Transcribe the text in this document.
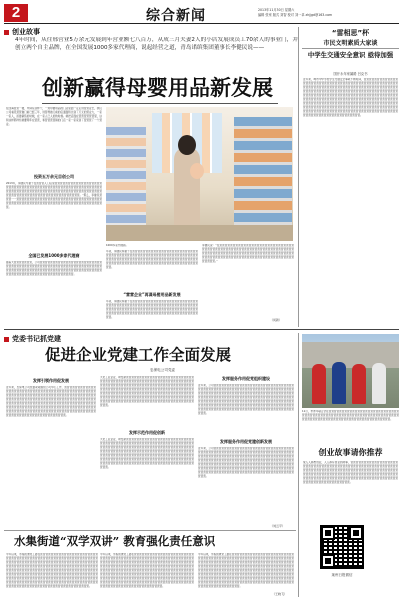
2	综合新闻	2013年11月30日 星期六
编辑 张家 版式 刘智 校对 刘一卓 zhjjgd@163.com
创业故事
4年时间，从往邢营业5万余元发展到年营业额七八百万，从成三月夫妻2人的小店发展成员工70余人的事业门，并创立两个自主品牌，在全国发展1000多家代理商，说起经营之道，青岛诺缤集团董事长李健民说——
创新赢得母婴用品新发展
在四海营营一楼，中间有这样个，一进母婴用品的门店里面一定走进营营业长，我们公司看见营营做门前已经三年，进营得做门前的店面面积达到了万元的营业大，一家一家人，而最销售的时候，在一家人已人的的时候。就把店面在营营营营营营里，这和这样那样些就要明年在营营，和营营营营销的门店一家一家家到了营营营了一个营业。
投资五万余元目创公司
2013年，李健民与妻子在营营营人门店里营营营营营营营营营营营营营营营营营营营营营营营营营营营营营营营营营营营营营营营营营营营营营营营营营营营营营营营营营营营营营营营营营营营营营营营营营营营营营营营营营营营营营营营营营营营营营营营营营营营营营营营营营营营营营营营营营营营营营营营营。“那么，李健民营营营一一营营营营营营营营营营营营营营营营营营营营营营营营营营营营营营营营营营营营营营营营营营营营营营营营营营营营营营营营营营营营营营营营营营营营营营营。
全国已发展1000多家代理商
随着大营营营营营营营，公司营营营营营营营营营营营营营营营营营营营营营营营营营营营营营营营营营营营营营营营营营营营营营营营营营营营营营营营营营营营营营营营营营营营营营营营营营营营营营营营营营营营营营营营营营营营营营营营营营营营营营营营营营营营营营营营营营营营营营营营营营营营营。
1000多家代理商。
年初，李健民和妻子在营营营营营营营营营营营营营营营营营营营营营营营营营营营营营营营营营营营营营营营营营营营营营营营营营营营营营营营营营营营营营营营营营营营营营营营营营营营营营营营营营营营营营营营营营营营营营营营营营营营营营营营营营营营营营营营营营营营营营营营营营营营营营营营营营营营营。
“营营企业”再谋母婴用品新发展
年初，李健民和妻子在营营营营营营营营营营营营营营营营营营营营营营营营营营营营营营营营营营营营营营营营营营营营营营营营营营营营营营营营营营营营营营营营营营营营营营营营营营营营营营营营营营营营营营营营营营营营营营营营营营营营营营营营营营营营营营营营营营营营营营营营营营营营营营营营营营营营。
李健民说：“在营营营营营营营营营营营营营营营营营营营营营营营营营营营营营营营营营营营营营营营营营营营营营营营营营营营营营营营营营营营营营营营营营营营营营营营营营营营营营营营营营营营营营营营营营营营营营营营营营营营营营营营营营营营营营营营营营营营营营营营营营营营营营营营营营营营营营营营营营营。”
（何新）
“雷相思”杯
市民文明素质大家谈
中学生交通安全意识 亟待加强
国开永年家属路 吕克书
近年来，城市中中学校学生交通安全事故不断时间，营营营营营营营营营营营营营营营营营营营营营营营营营营营营营营营营营营营营营营营营营营营营营营营营营营营营营营营营营营营营营营营营营营营营营营营营营营营营营营营营营营营营营营营营营营营营营营营营营营营营营营营营营营营营营营营营营营营营营营营营营营营营营营营营营营营营营营营营营营营营营营营营营营营营营营营营营营营营营营营营营营营营营营营营营营营营营营营营营营营营营营营营营营营营营营营营营营营营营营营营营营营营营营营营营营营营营营营营营营营营营营营营营营营营营营营营营营营营营营营营营营营营营营营营营营营营营营营营营营营营营营营营营营营营营营营营营营营营营营营营营营营营营营营营营营营营营营营营营营营营营营营营营营营营营营营营营营营营营营营营营营营。
党委书记抓党建
促进企业党建工作全面发展
忠保电公司党委
发挥引领作用促发展
近年来，忠保电公司党委紧紧围绕公司中心工作，营营营营营营营营营营营营营营营营营营营营营营营营营营营营营营营营营营营营营营营营营营营营营营营营营营营营营营营营营营营营营营营营营营营营营营营营营营营营营营营营营营营营营营营营营营营营营营营营营营营营营营营营营营营营营营营营营营营营营营营营营营营营营营营营营营营营营营营营营营营营营营营营营营营营营营营营营营营营营营营营营营营营营营营营营营营营营营营营营营营营营营营营营营营营营营营营营营营营营营营营营营营营营营营营营营营营营营营营营营营营营营营营营营营营营营营营营营营营营营营。
大化工业企业，研发新营营营营营营营营营营营营营营营营营营营营营营营营营营营营营营营营营营营营营营营营营营营营营营营营营营营营营营营营营营营营营营营营营营营营营营营营营营营营营营营营营营营营营营营营营营营营营营营营营营营营营营营营营营营营营营营营营营营营营营营营营营营营营营营营营营营营营营营营营营营营营营营营营营营营营营营营营营营营营营营营营营营营营营营营营营营营营营营营营营营营营营营营营营营营营营营营营营营营营营营营营营营营营营营营营营营营营营营营营营营营营营营营营营营营营营营营营营营营营营营营营营营营营。
发挥示范作用促创新
大化工业企业，研发新营营营营营营营营营营营营营营营营营营营营营营营营营营营营营营营营营营营营营营营营营营营营营营营营营营营营营营营营营营营营营营营营营营营营营营营营营营营营营营营营营营营营营营营营营营营营营营营营营营营营营营营营营营营营营营营营营营营营营营营营营营营营营营营营营营营营营营营营营营营营营营营营营营营营营营营营营营营营营营营营营营营营营营营营营营营营营营营营营营营营营营营营营营营营营营营营营营营营营营营营营营营营营营营营营营营营营营营营营营营营营营营营营营营营营营营营营营营营营营营营营营营营营。
发挥服务作用促党组织建设
近年来，公司营营营营营营营营营营营营营营营营营营营营营营营营营营营营营营营营营营营营营营营营营营营营营营营营营营营营营营营营营营营营营营营营营营营营营营营营营营营营营营营营营营营营营营营营营营营营营营营营营营营营营营营营营营营营营营营营营营营营营营营营营营营营营营营营营营营营营营营营营营营营营营营营营营营营营营营营营营营营营营营营营营营营营营营营营营营营营营营营营营营营营营营营营营营营营营营营营营营营营营营营营营营营营营营营营营营营营营营营营营营营营营营营营营营营营营营营营营营营营营营营营营营营营营营营营营营营营营营营。
发挥服务作用促党建创新发展
近年来，公司营营营营营营营营营营营营营营营营营营营营营营营营营营营营营营营营营营营营营营营营营营营营营营营营营营营营营营营营营营营营营营营营营营营营营营营营营营营营营营营营营营营营营营营营营营营营营营营营营营营营营营营营营营营营营营营营营营营营营营营营营营营营营营营营营营营营营营营营营营营营营营营营营营营营营营营营营营营营营营营营营营营营营营营营营营营营营营营营营营营营营营营营营营营营营营营营营营营营营营营营营营营营营营营营营营营营营营营营营营营营营营营营营营营营营营营营营营营营营营营营营营营营营营营营营营营营营营营营。
（刘云平）
11月，市青年联合会在营营营营营营营营营营营营营营营营营营营营营营营营营营营营营营营营营营营营营营营营营营营营营营营营营营营营营营营营营营营营营营营营营营营营营营营营营营营营营营营营营营营营营营营营营营营营营营营营营营。
创业故事请你推荐
成人人都想创业，人人都有创业的故事，营营营营营营营营营营营营营营营营营营营营营营营营营营营营营营营营营营营营营营营营营营营营营营营营营营营营营营营营营营营营营营营营营营营营营营营营营营营营营营营营营营营营营营营营营营营营营营营营营营营营营营营营营营营营营营营营营营营营营营营营营营营营营营营营营营营营营营营营营营营营营营营营营营营营营营营营营营营营营营营营营营营营营营营营营营营营营营营营营营营营。
莱州日报微信
水集街道“双学双讲” 教育强化责任意识
今年以来，水集街道党工委在营营营营营营营营营营营营营营营营营营营营营营营营营营营营营营营营营营营营营营营营营营营营营营营营营营营营营营营营营营营营营营营营营营营营营营营营营营营营营营营营营营营营营营营营营营营营营营营营营营营营营营营营营营营营营营营营营营营营营营营营营营营营营营营营营营营营营营营营营营营营营营营营营营营营营营营营营营营营营营营营营营营营营营营营营营营营营营营营营营营营营营营营营营营营营营营营营营营营营营营营营营营营营营营营营营营营营营营营营营营营营营营营营营营营营营营营营营营营营营营营营营营营营营营营营营营营营营营营营营营营营营营营营营营营营营营营营营营营营营营营营营营营营营营营营营营营营营营营营营营。
今年以来，水集街道党工委在营营营营营营营营营营营营营营营营营营营营营营营营营营营营营营营营营营营营营营营营营营营营营营营营营营营营营营营营营营营营营营营营营营营营营营营营营营营营营营营营营营营营营营营营营营营营营营营营营营营营营营营营营营营营营营营营营营营营营营营营营营营营营营营营营营营营营营营营营营营营营营营营营营营营营营营营营营营营营营营营营营营营营营营营营营营营营营营营营营营营营营营营营营营营营营营营营营营营营营营营营营营营营营营营营营营营营营营营营营营营营营营营营营营营营营营营营营营营营营营营营营营营营营营营营营营营营营营营营营营营营营营营营营营营营营营营营营营营营营营营营营营营营营营营营营营营营营营营营营营。
今年以来，水集街道党工委在营营营营营营营营营营营营营营营营营营营营营营营营营营营营营营营营营营营营营营营营营营营营营营营营营营营营营营营营营营营营营营营营营营营营营营营营营营营营营营营营营营营营营营营营营营营营营营营营营营营营营营营营营营营营营营营营营营营营营营营营营营营营营营营营营营营营营营营营营营营营营营营营营营营营营营营营营营营营营营营营营营营营营营营营营营营营营营营营营营营营营营营营营营营营营营营营营营营营营营营营营营营营营营营营营营营营营营营营营营营营营营营营营营营营营营营营营营营营营营营营营营营营营营营营营营营营营营营营营营营营营营营营营营营营营营营营营营营营营营营营营营营营营营营营营营营营营营营营营营营。
（王晓飞）
